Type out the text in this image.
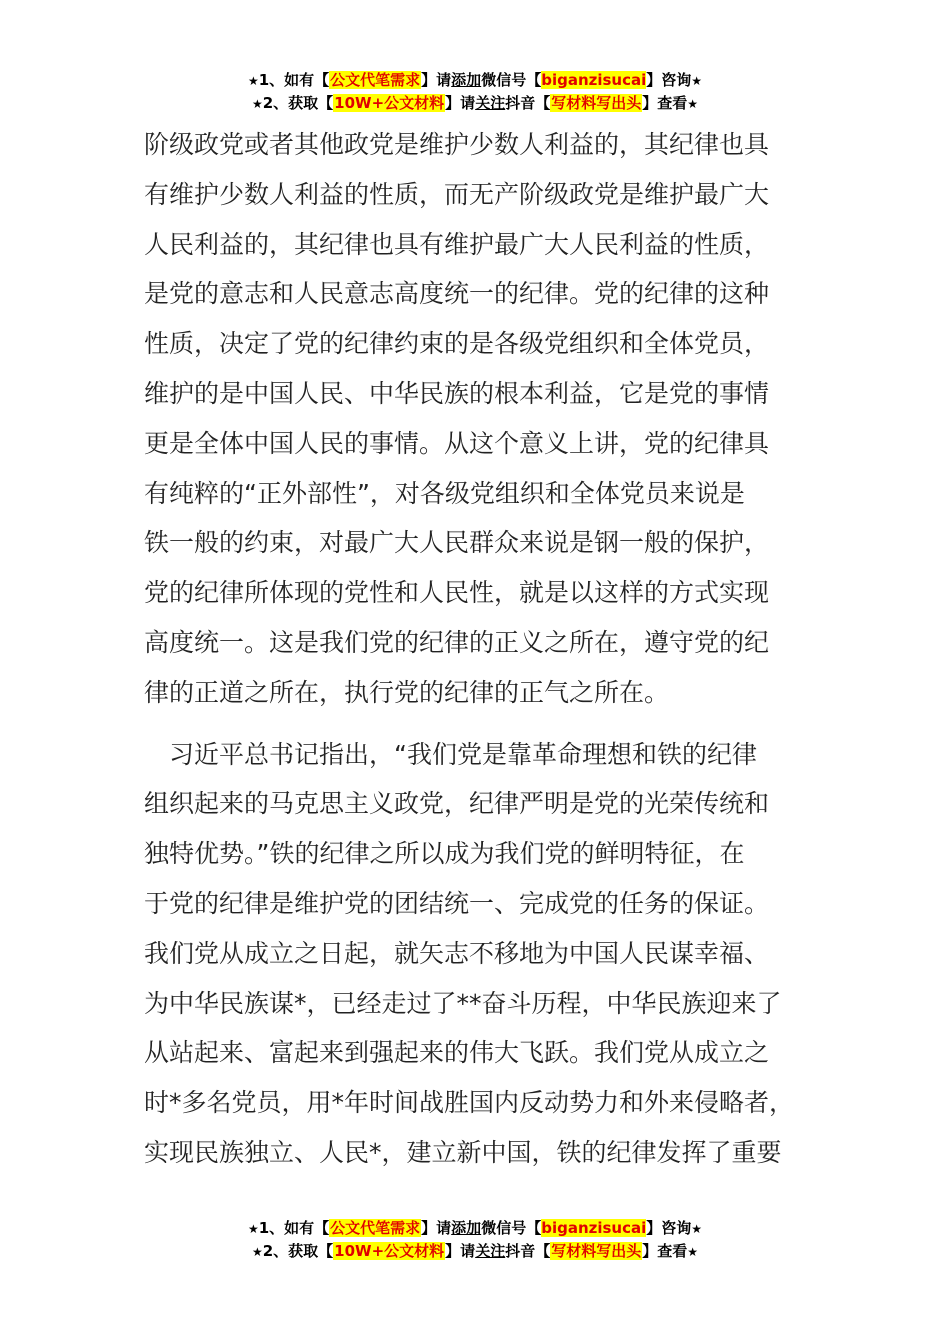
★1、如有【公文代笔需求】请添加微信号【biganzisucai】咨询★
★2、获取【10W+公文材料】请关注抖音【写材料写出头】查看★
阶级政党或者其他政党是维护少数人利益的，其纪律也具
有维护少数人利益的性质，而无产阶级政党是维护最广大
人民利益的，其纪律也具有维护最广大人民利益的性质，
是党的意志和人民意志高度统一的纪律。党的纪律的这种
性质，决定了党的纪律约束的是各级党组织和全体党员，
维护的是中国人民、中华民族的根本利益，它是党的事情
更是全体中国人民的事情。从这个意义上讲，党的纪律具
有纯粹的“正外部性”，对各级党组织和全体党员来说是
铁一般的约束，对最广大人民群众来说是钢一般的保护，
党的纪律所体现的党性和人民性，就是以这样的方式实现
高度统一。这是我们党的纪律的正义之所在，遵守党的纪
律的正道之所在，执行党的纪律的正气之所在。
　习近平总书记指出，“我们党是靠革命理想和铁的纪律
组织起来的马克思主义政党，纪律严明是党的光荣传统和
独特优势。”铁的纪律之所以成为我们党的鲜明特征，在
于党的纪律是维护党的团结统一、完成党的任务的保证。
我们党从成立之日起，就矢志不移地为中国人民谋幸福、
为中华民族谋*，已经走过了**奋斗历程，中华民族迎来了
从站起来、富起来到强起来的伟大飞跃。我们党从成立之
时*多名党员，用*年时间战胜国内反动势力和外来侵略者，
实现民族独立、人民*，建立新中国，铁的纪律发挥了重要
★1、如有【公文代笔需求】请添加微信号【biganzisucai】咨询★
★2、获取【10W+公文材料】请关注抖音【写材料写出头】查看★
